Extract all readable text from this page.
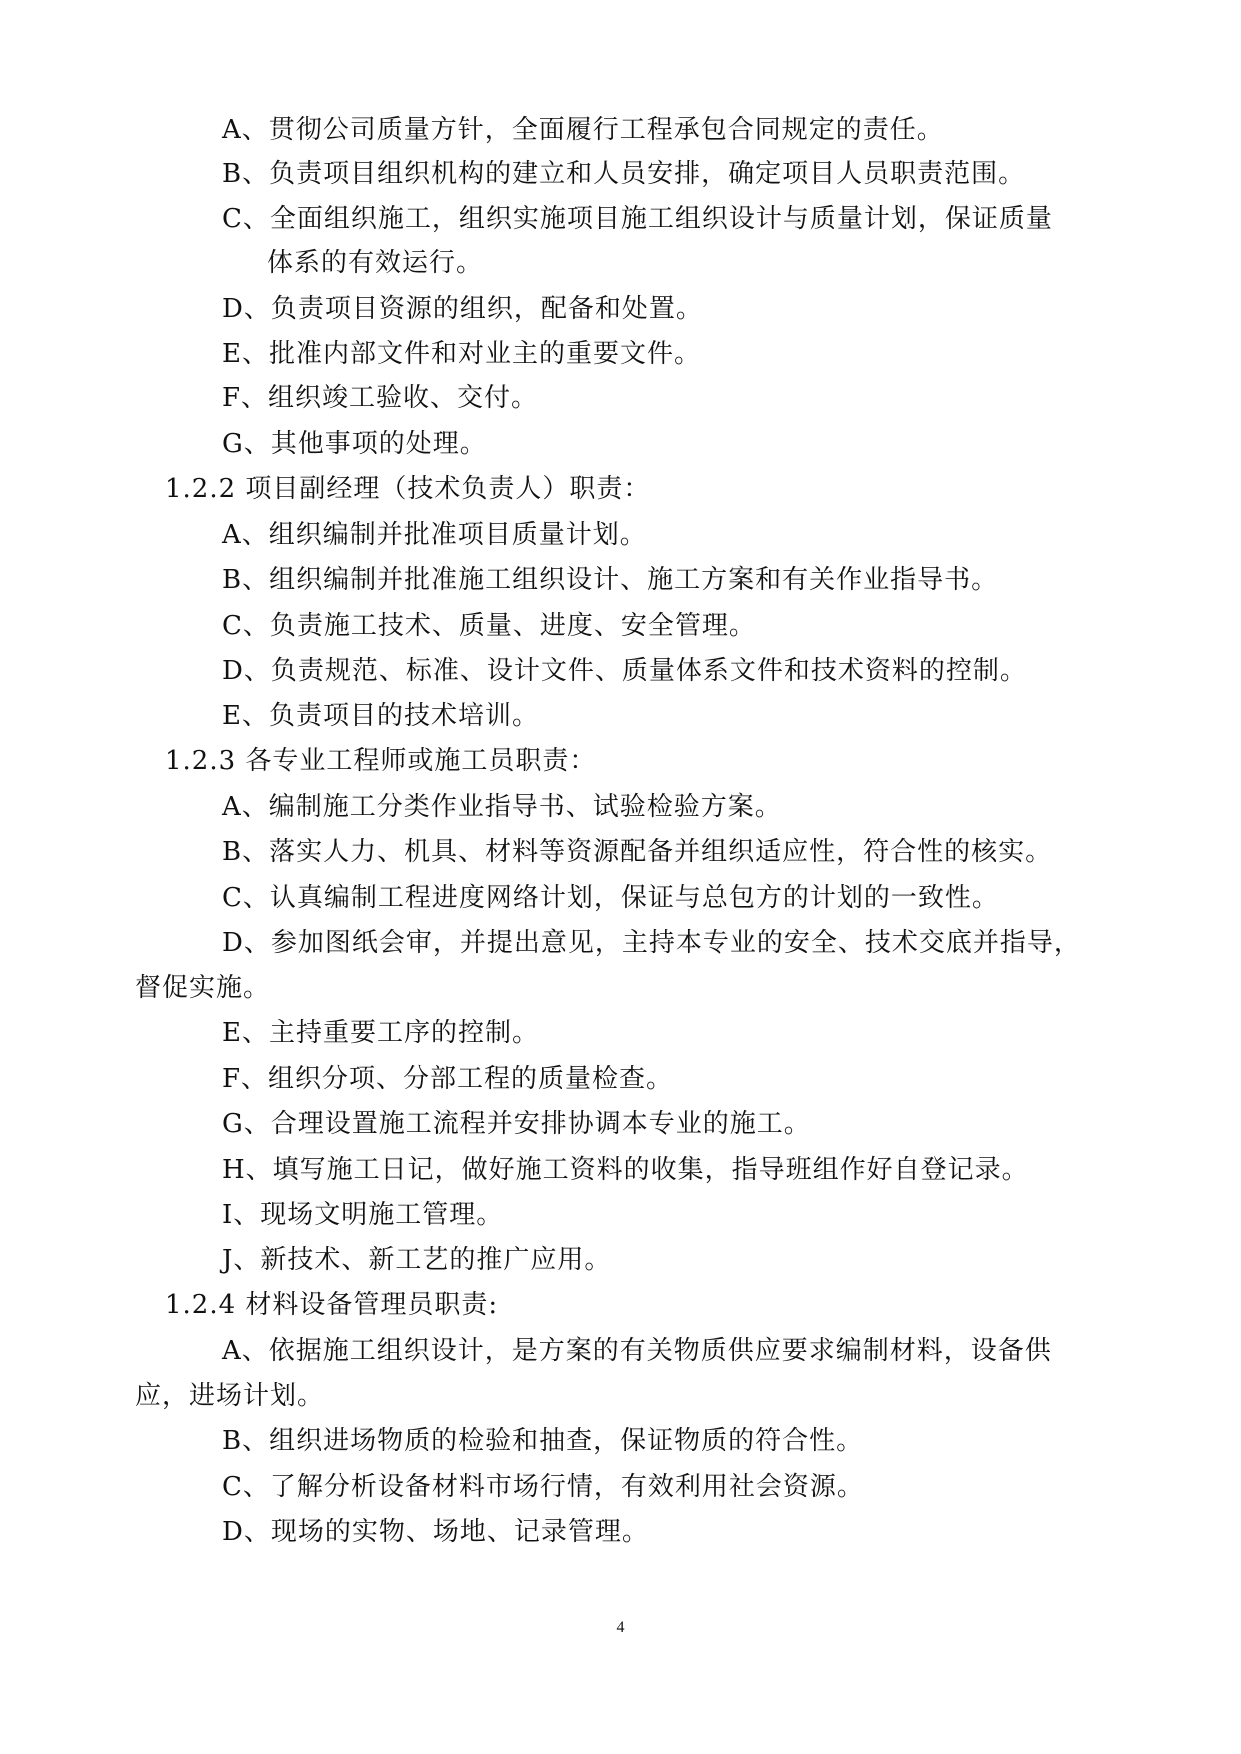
A、贯彻公司质量方针，全面履行工程承包合同规定的责任。
B、负责项目组织机构的建立和人员安排，确定项目人员职责范围。
C、全面组织施工，组织实施项目施工组织设计与质量计划，保证质量
体系的有效运行。
D、负责项目资源的组织，配备和处置。
E、批准内部文件和对业主的重要文件。
F、组织竣工验收、交付。
G、其他事项的处理。
1.2.2 项目副经理（技术负责人）职责：
A、组织编制并批准项目质量计划。
B、组织编制并批准施工组织设计、施工方案和有关作业指导书。
C、负责施工技术、质量、进度、安全管理。
D、负责规范、标准、设计文件、质量体系文件和技术资料的控制。
E、负责项目的技术培训。
1.2.3 各专业工程师或施工员职责：
A、编制施工分类作业指导书、试验检验方案。
B、落实人力、机具、材料等资源配备并组织适应性，符合性的核实。
C、认真编制工程进度网络计划，保证与总包方的计划的一致性。
D、参加图纸会审，并提出意见，主持本专业的安全、技术交底并指导，
督促实施。
E、主持重要工序的控制。
F、组织分项、分部工程的质量检查。
G、合理设置施工流程并安排协调本专业的施工。
H、填写施工日记，做好施工资料的收集，指导班组作好自登记录。
I、现场文明施工管理。
J、新技术、新工艺的推广应用。
1.2.4 材料设备管理员职责:
A、依据施工组织设计，是方案的有关物质供应要求编制材料，设备供
应，进场计划。
B、组织进场物质的检验和抽查，保证物质的符合性。
C、了解分析设备材料市场行情，有效利用社会资源。
D、现场的实物、场地、记录管理。
4
